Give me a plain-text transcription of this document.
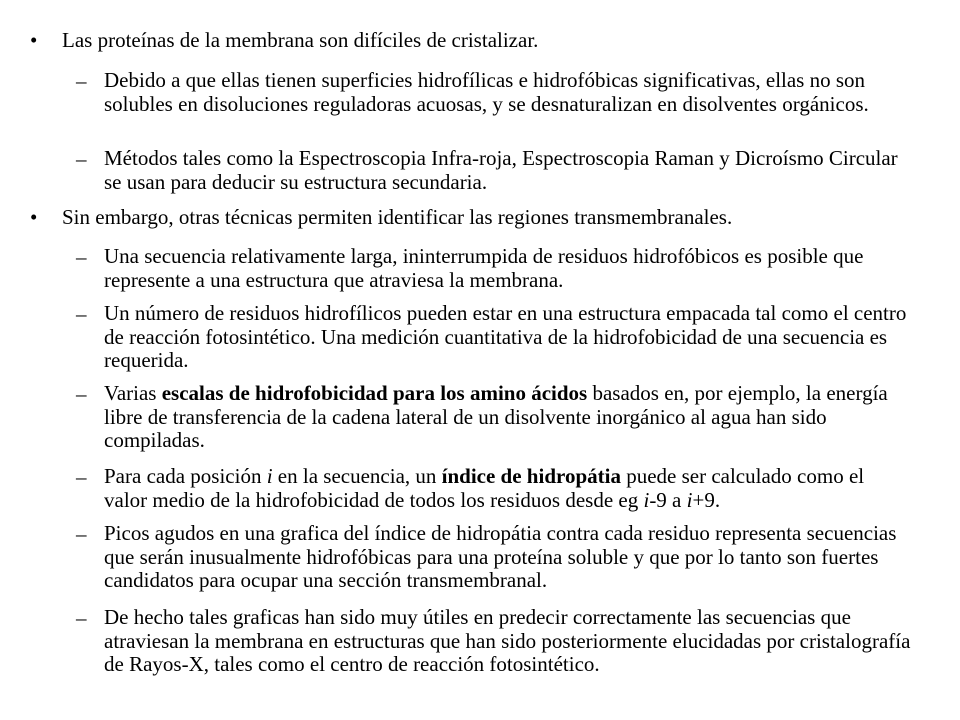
• Las proteínas de la membrana son difíciles de cristalizar.
– Debido a que ellas tienen superficies hidrofílicas e hidrofóbicas significativas, ellas no son solubles en disoluciones reguladoras acuosas, y se desnaturalizan en disolventes orgánicos.
– Métodos tales como la Espectroscopia Infra-roja, Espectroscopia Raman y Dicroísmo Circular se usan para deducir su estructura secundaria.
• Sin embargo, otras técnicas permiten identificar las regiones transmembranales.
– Una secuencia relativamente larga, ininterrumpida de residuos hidrofóbicos es posible que represente a una estructura que atraviesa la membrana.
– Un número de residuos hidrofílicos pueden estar en una estructura empacada tal como el centro de reacción fotosintético. Una medición cuantitativa de la hidrofobicidad de una secuencia es requerida.
– Varias escalas de hidrofobicidad para los amino ácidos basados en, por ejemplo, la energía libre de transferencia de la cadena lateral de un disolvente inorgánico al agua han sido compiladas.
– Para cada posición i en la secuencia, un índice de hidropátia puede ser calculado como el valor medio de la hidrofobicidad de todos los residuos desde eg i-9 a i+9.
– Picos agudos en una grafica del índice de hidropátia contra cada residuo representa secuencias que serán inusualmente hidrofóbicas para una proteína soluble y que por lo tanto son fuertes candidatos para ocupar una sección transmembranal.
– De hecho tales graficas han sido muy útiles en predecir correctamente las secuencias que atraviesan la membrana en estructuras que han sido posteriormente elucidadas por cristalografía de Rayos-X, tales como el centro de reacción fotosintético.
